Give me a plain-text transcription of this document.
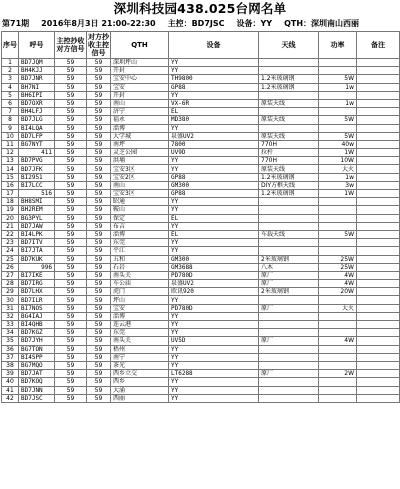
深圳科技园438.025台网名单
第71期 2016年8月3日 21:00-22:30 主控：BD7JSC 设备：YY QTH：深圳南山西丽
序号	呼号	主控抄收对方信号	对方抄收主控信号	QTH	设备	天线	功率	备注
1	BD7JQM	59	59	深圳坪山	YY			
2	BH4KJJ	59	59	开封	YY			
3	BD7JNR	59	59	宝安中心	TH9800	1.2米玻璃钢	5W	
4	BH7NI	59	59	宝安	GP88	1.2米玻璃钢	1w	
5	BH6IPI	59	59	开封	YY			
6	BD7OXR	59	59	南山	VX-6R	原装天线	1w	
7	BH4LFJ	59	59	济宁	EL			
8	BD7JLG	59	59	福永	MD380	原装天线	5W	
9	BI4LQA	59	59	淄博	YY			
10	BD7LFP	59	59	大学城	泉盛UV2	原装天线	5W	
11	BG7NYT	59	59	南坪	7800	770H	40w	
12	411	59	59	灵芝公园	UV9D	拉杆	1W	
13	BD7PVG	59	59	洪埔	YY	770H	10W	
14	BD7JFK	59	59	宝安3区	YY	原装天线	大火	
15	BI2951	59	59	宝安2区	GP88	1.2米玻璃钢	1w	
16	BI7LCC	59	59	南山	GM300	DIY方框天线	3w	
17	516	59	59	宝安3区	GP88	1.2米玻璃钢	1W	
18	BH8SMI	59	59	昭通	YY			
19	BH2REM	59	59	鞍山	YY			
20	BG3PYL	59	59	保定	EL			
21	BD7JAW	59	59	布吉	YY			
22	BI4LPK	59	59	淄博	EL	车载天线	5W	
23	BD7ITV	59	59	东莞	YY			
24	BI7JTA	59	59	平江	YY			
25	BD7KUK	59	59	五和	GM300	2米玻璃钢	25W	
26	996	59	59	石岩	GM3688	八木	25W	
27	BI7IKE	59	59	南头关	PD780D	原厂	4W	
28	BD7IRG	59	59	车公庙	泉盛UV2	原厂	4W	
29	BD7LHX	59	59	虎门	欧讯920	2米玻璃钢	20W	
30	BD7ILR	59	59	坪山	YY			
31	BI7NOS	59	59	宝安	PD780D	原厂	大火	
32	BG4IAJ	59	59	淄博	YY			
33	BI4QHB	59	59	连云港	YY			
34	BD7KGZ	59	59	东莞	YY			
35	BD7JYH	59	59	南头关	UV5D	原厂	4W	
36	BG7TON	59	59	梧州	YY			
37	BI4SPP	59	59	南宁	YY			
38	BG7MQO	59	59	茶光	YY			
39	BD7JAT	59	59	西乡立交	LT6288	原厂	2W	
40	BD7KOQ	59	59	西乡	YY			
41	BD7JNN	59	59	大涌	YY			
42	BD7JSC	59	59	西丽	YY			
